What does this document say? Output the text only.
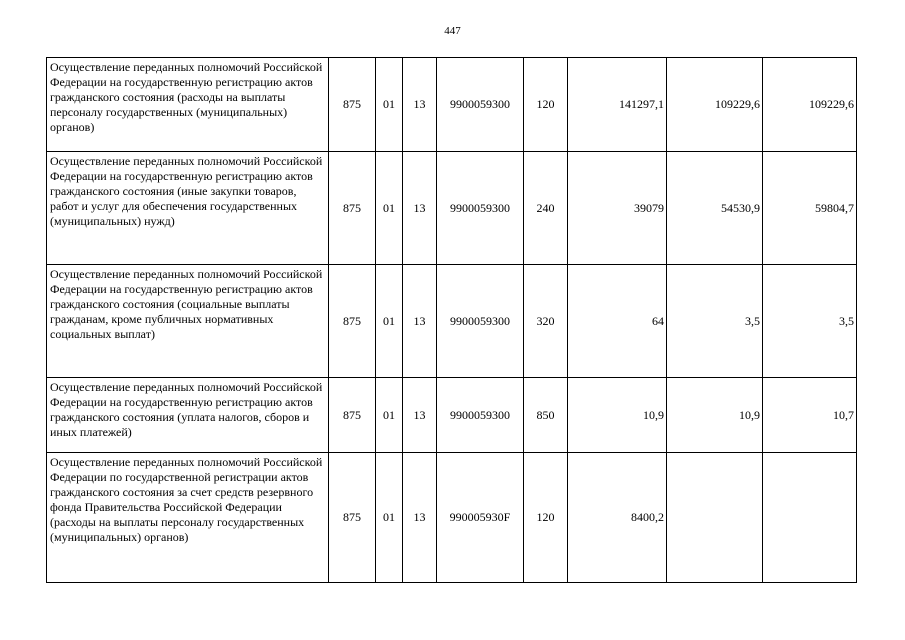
447
Осуществление переданных полномочий Российской Федерации на государственную регистрацию актов гражданского состояния (расходы на выплаты персоналу государственных (муниципальных) органов)	875	01	13	9900059300	120	141297,1	109229,6	109229,6
Осуществление переданных полномочий Российской Федерации на государственную регистрацию актов гражданского состояния (иные закупки товаров, работ и услуг для обеспечения государственных (муниципальных) нужд)	875	01	13	9900059300	240	39079	54530,9	59804,7
Осуществление переданных полномочий Российской Федерации на государственную регистрацию актов гражданского состояния (социальные выплаты гражданам, кроме публичных нормативных социальных выплат)	875	01	13	9900059300	320	64	3,5	3,5
Осуществление переданных полномочий Российской Федерации на государственную регистрацию актов гражданского состояния (уплата налогов, сборов и иных платежей)	875	01	13	9900059300	850	10,9	10,9	10,7
Осуществление переданных полномочий Российской Федерации по государственной регистрации актов гражданского состояния за счет средств резервного фонда Правительства Российской Федерации (расходы на выплаты персоналу государственных (муниципальных) органов)	875	01	13	990005930F	120	8400,2		
